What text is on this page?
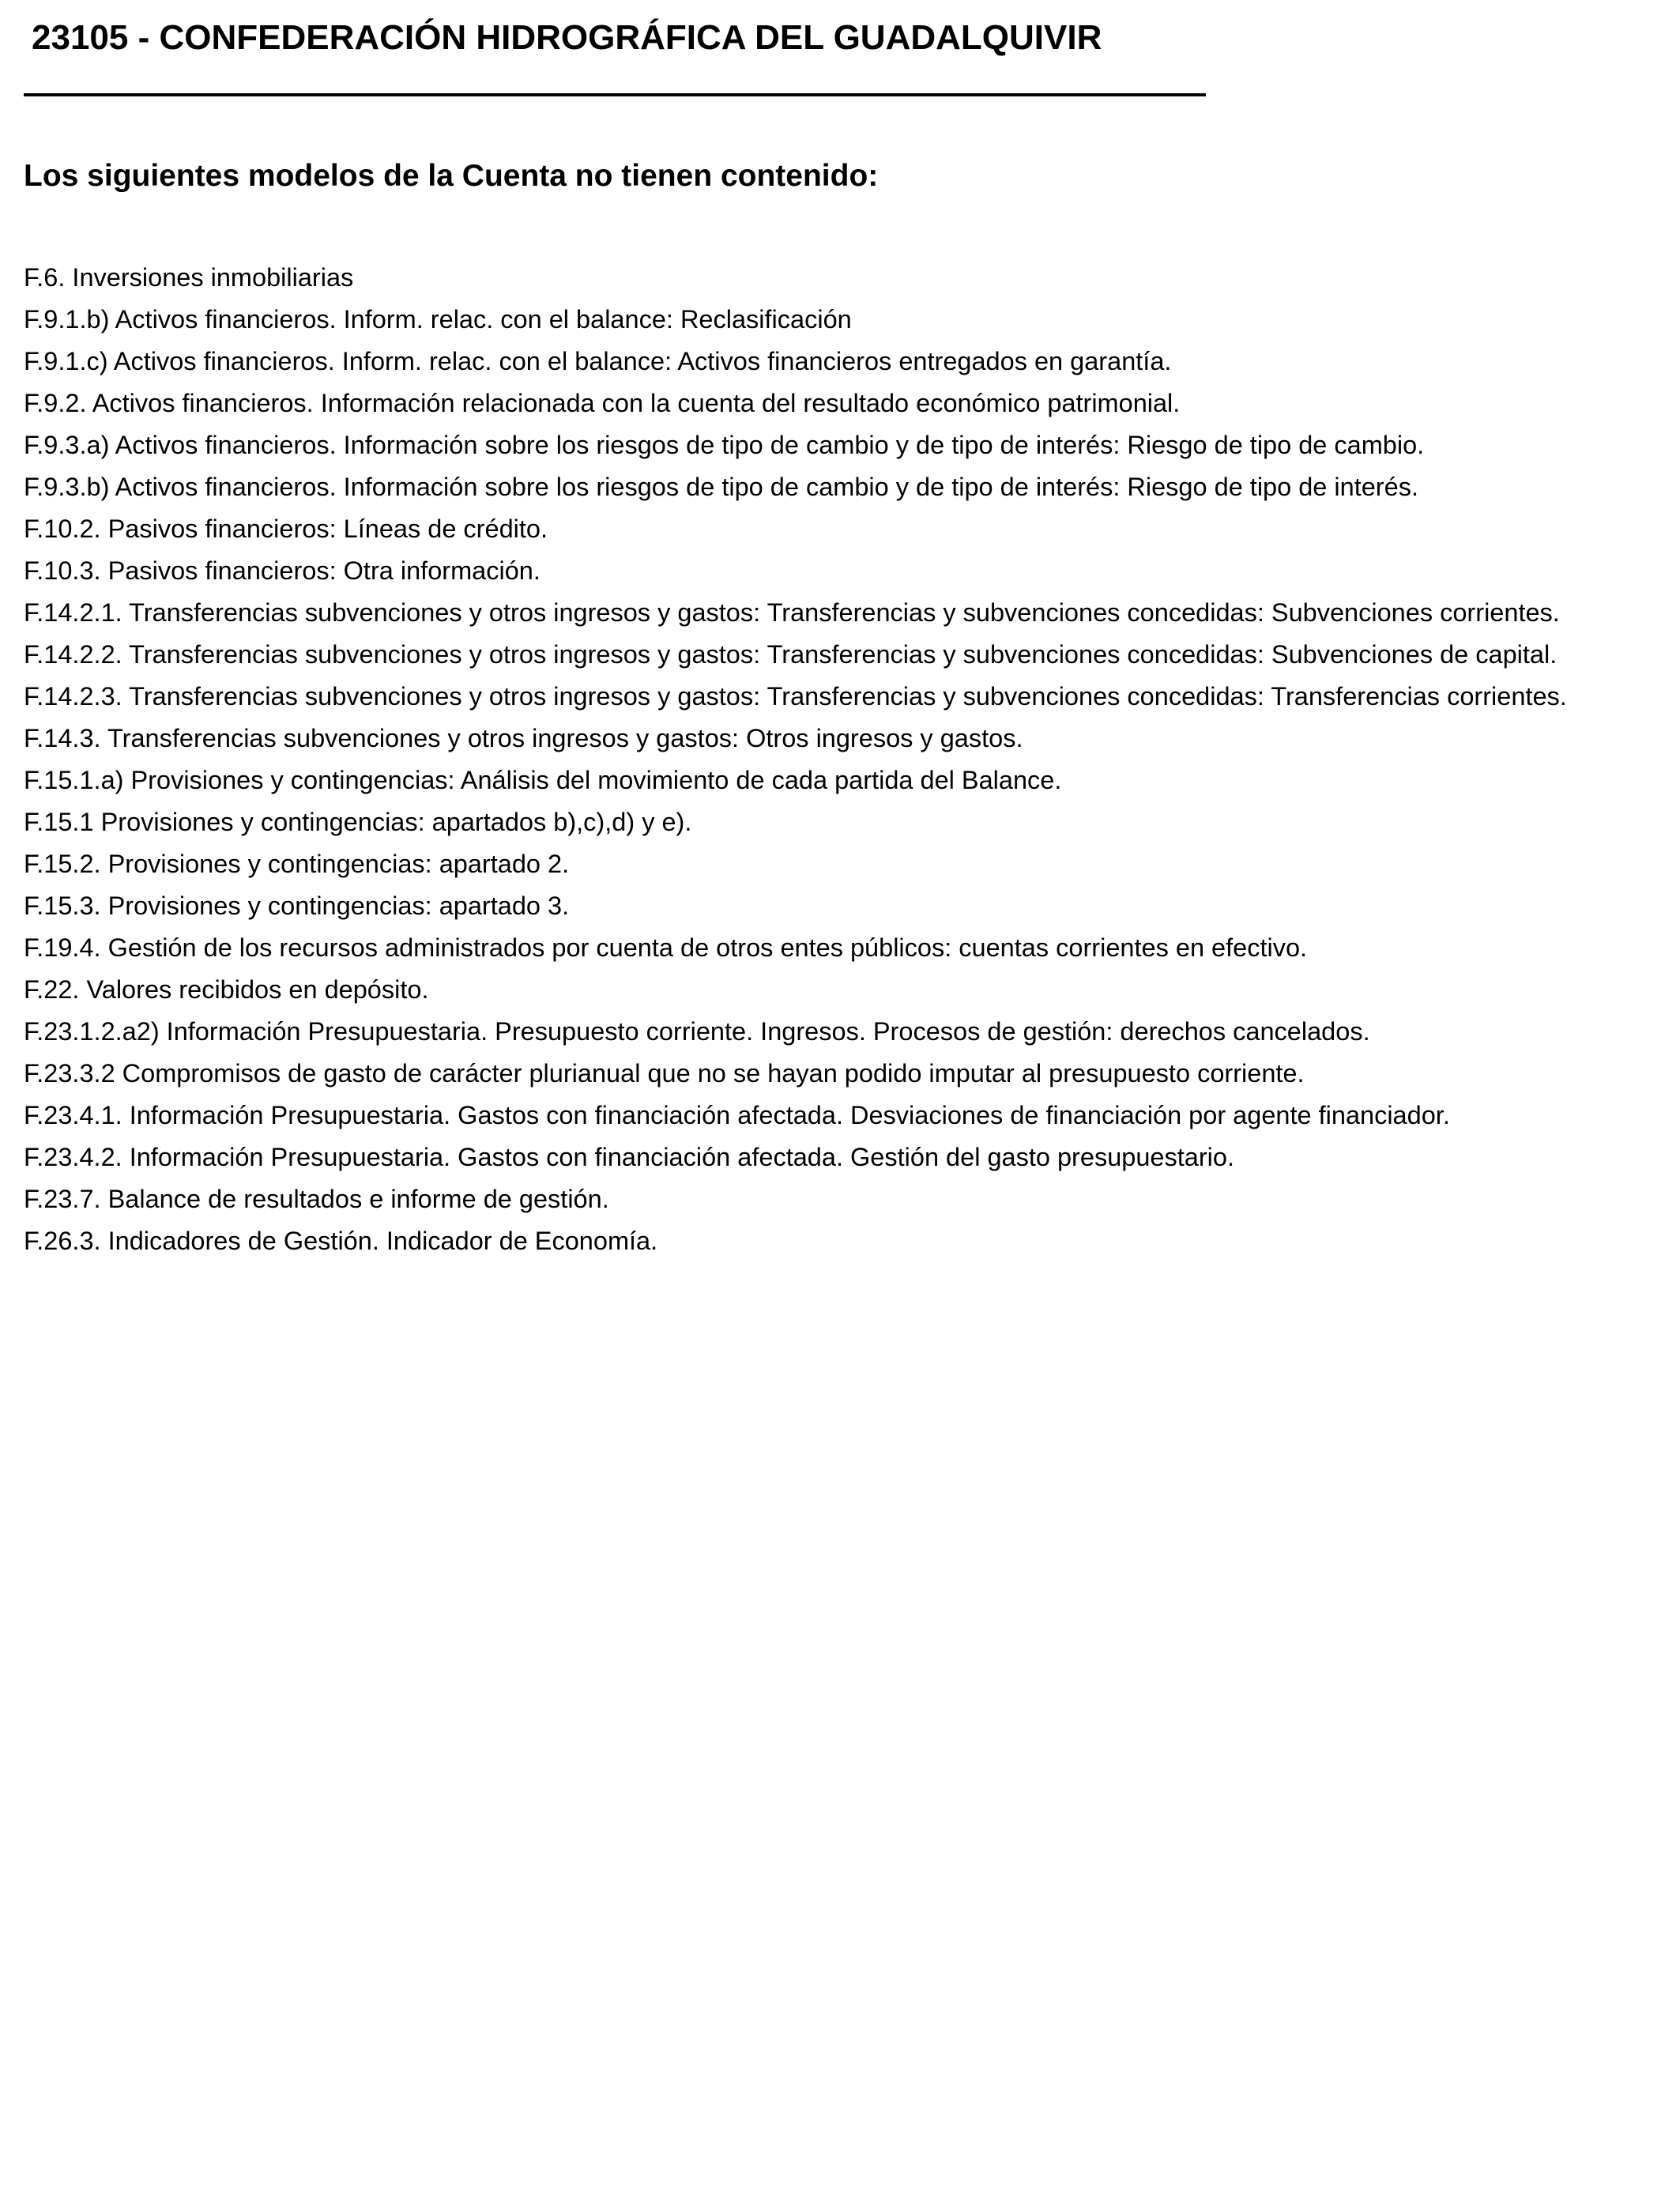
23105 - CONFEDERACIÓN HIDROGRÁFICA DEL GUADALQUIVIR
Los siguientes modelos de la Cuenta no tienen contenido:
F.6. Inversiones inmobiliarias
F.9.1.b) Activos financieros. Inform. relac. con el balance: Reclasificación
F.9.1.c) Activos financieros. Inform. relac. con el balance: Activos financieros entregados en garantía.
F.9.2. Activos financieros. Información relacionada con la cuenta del resultado económico patrimonial.
F.9.3.a) Activos financieros. Información sobre los riesgos de tipo de cambio y de tipo de interés: Riesgo de tipo de cambio.
F.9.3.b) Activos financieros. Información sobre los riesgos de tipo de cambio y de tipo de interés: Riesgo de tipo de interés.
F.10.2. Pasivos financieros: Líneas de crédito.
F.10.3. Pasivos financieros: Otra información.
F.14.2.1. Transferencias subvenciones y otros ingresos y gastos: Transferencias y subvenciones concedidas: Subvenciones corrientes.
F.14.2.2. Transferencias subvenciones y otros ingresos y gastos: Transferencias y subvenciones concedidas: Subvenciones de capital.
F.14.2.3. Transferencias subvenciones y otros ingresos y gastos: Transferencias y subvenciones concedidas: Transferencias corrientes.
F.14.3. Transferencias subvenciones y otros ingresos y gastos: Otros ingresos y gastos.
F.15.1.a) Provisiones y contingencias: Análisis del movimiento de cada partida del Balance.
F.15.1 Provisiones y contingencias: apartados b),c),d) y e).
F.15.2. Provisiones y contingencias: apartado 2.
F.15.3. Provisiones y contingencias: apartado 3.
F.19.4. Gestión de los recursos administrados por cuenta de otros entes públicos: cuentas corrientes en efectivo.
F.22. Valores recibidos en depósito.
F.23.1.2.a2) Información Presupuestaria. Presupuesto corriente. Ingresos. Procesos de gestión: derechos cancelados.
F.23.3.2 Compromisos de gasto de carácter plurianual que no se hayan podido imputar al presupuesto corriente.
F.23.4.1. Información Presupuestaria. Gastos con financiación afectada. Desviaciones de financiación por agente financiador.
F.23.4.2. Información Presupuestaria. Gastos con financiación afectada. Gestión del gasto presupuestario.
F.23.7. Balance de resultados e informe de gestión.
F.26.3. Indicadores de Gestión. Indicador de Economía.
